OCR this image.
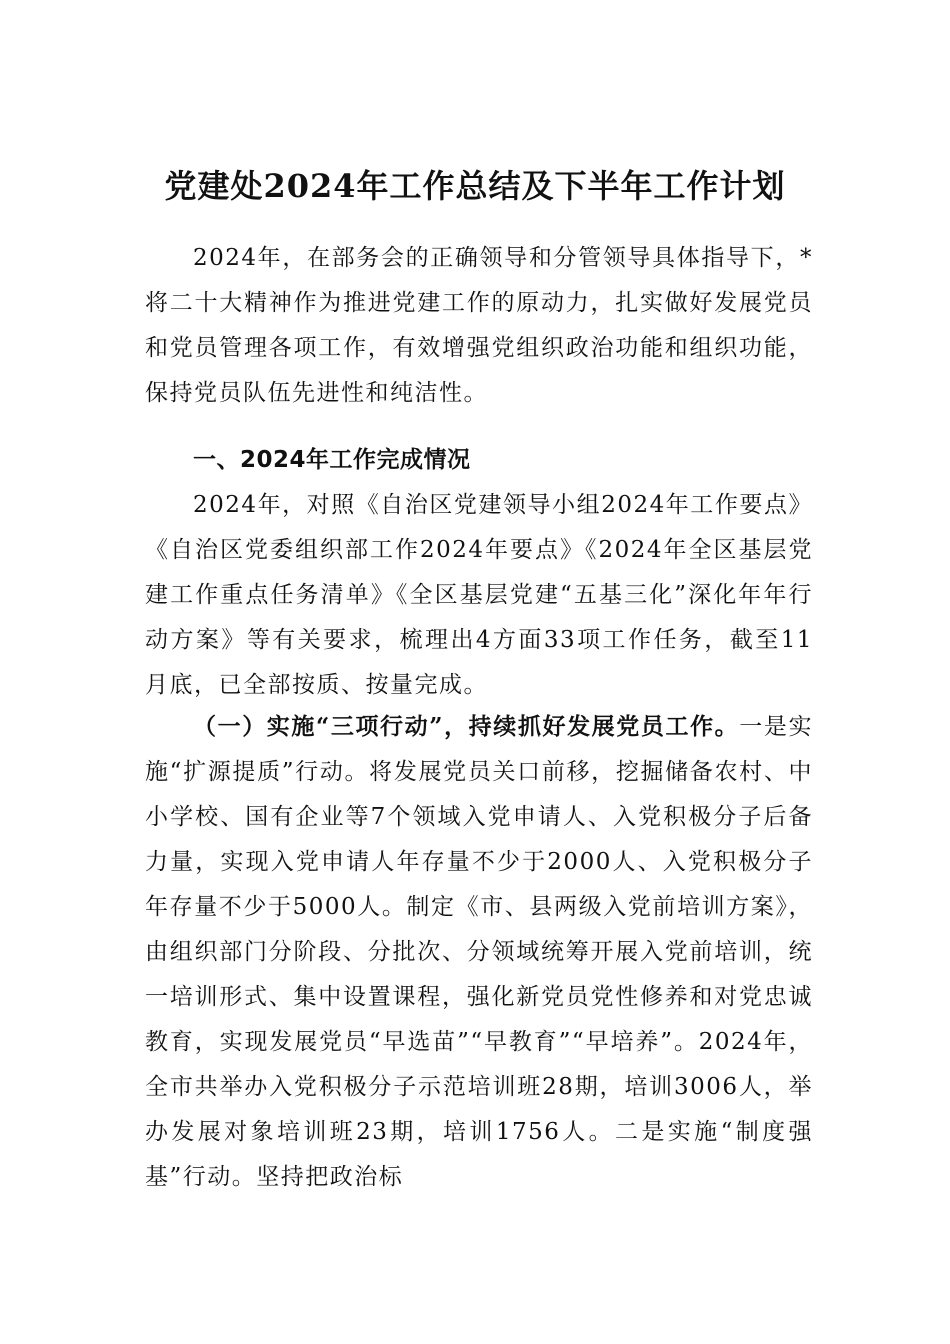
党建处2024年工作总结及下半年工作计划

2024年，在部务会的正确领导和分管领导具体指导下，*将二十大精神作为推进党建工作的原动力，扎实做好发展党员和党员管理各项工作，有效增强党组织政治功能和组织功能，保持党员队伍先进性和纯洁性。

一、2024年工作完成情况

2024年，对照《自治区党建领导小组2024年工作要点》《自治区党委组织部工作2024年要点》《2024年全区基层党建工作重点任务清单》《全区基层党建“五基三化”深化年年行动方案》等有关要求，梳理出4方面33项工作任务，截至11月底，已全部按质、按量完成。

（一）实施“三项行动”，持续抓好发展党员工作。一是实施“扩源提质”行动。将发展党员关口前移，挖掘储备农村、中小学校、国有企业等7个领域入党申请人、入党积极分子后备力量，实现入党申请人年存量不少于2000人、入党积极分子年存量不少于5000人。制定《市、县两级入党前培训方案》，由组织部门分阶段、分批次、分领域统筹开展入党前培训，统一培训形式、集中设置课程，强化新党员党性修养和对党忠诚教育，实现发展党员“早选苗”“早教育”“早培养”。2024年，全市共举办入党积极分子示范培训班28期，培训3006人，举办发展对象培训班23期，培训1756人。二是实施“制度强基”行动。坚持把政治标
